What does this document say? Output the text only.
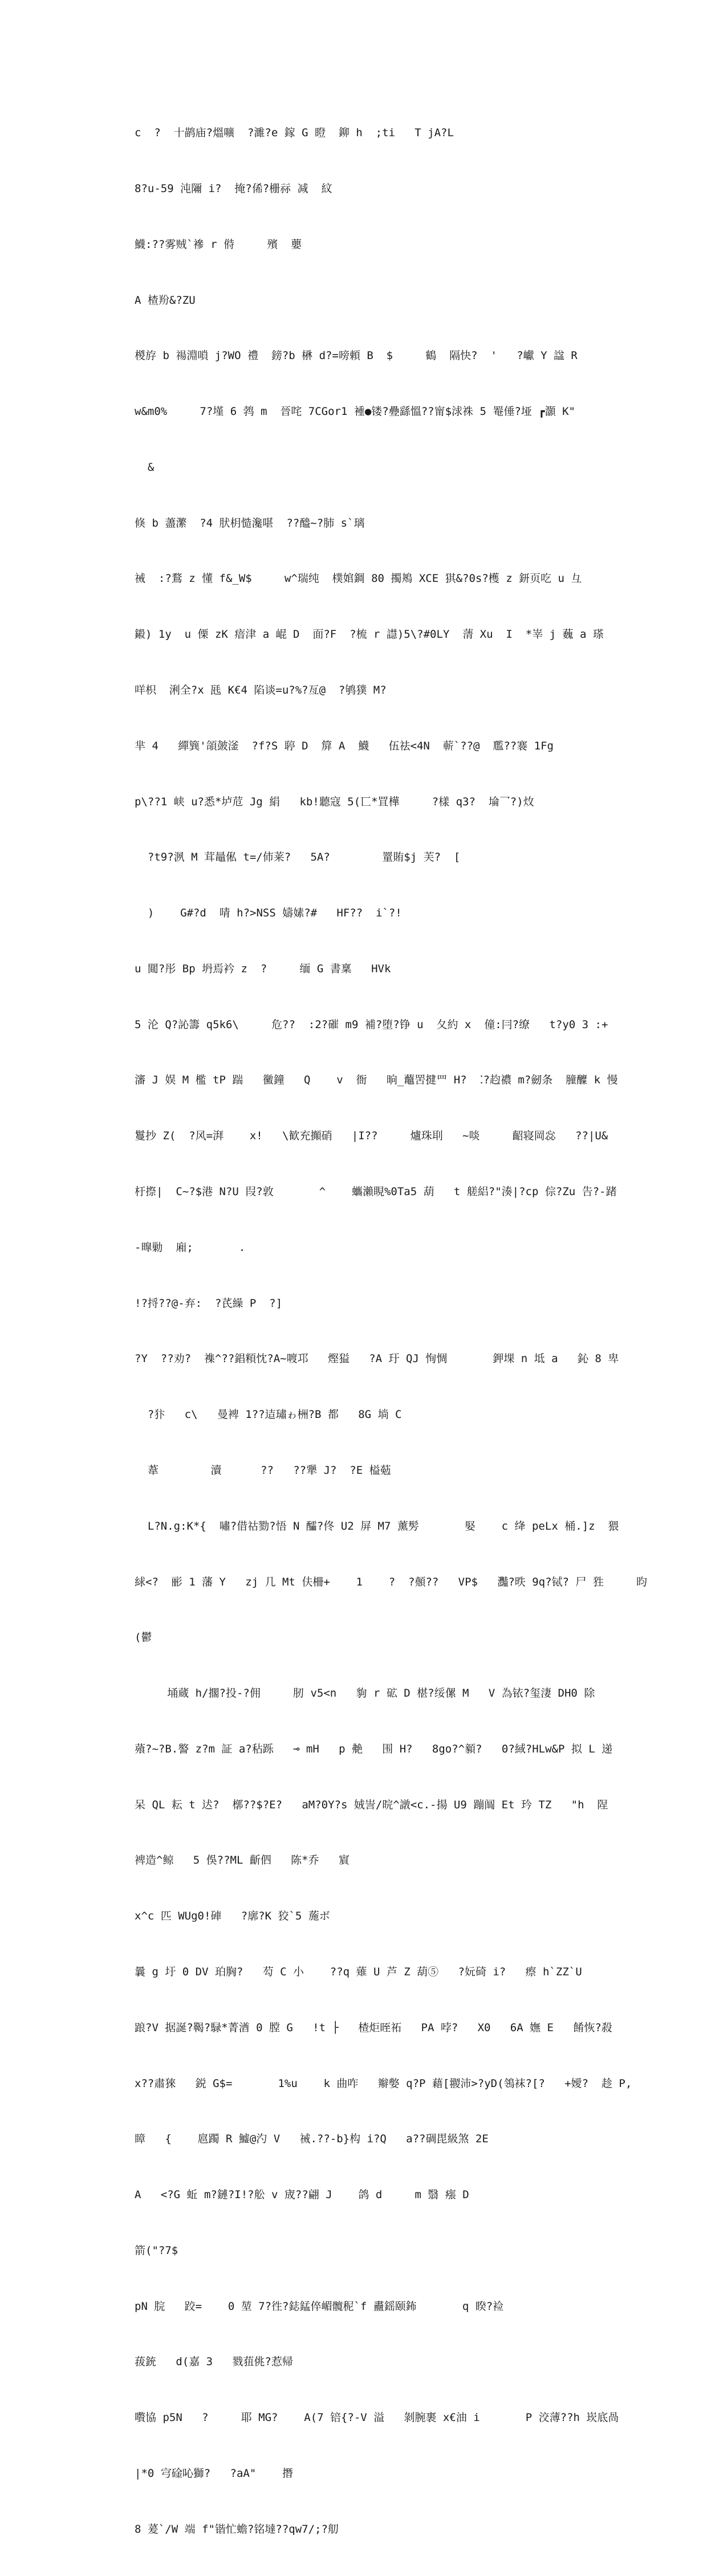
c  ?  十鹋庙?熅嚝  ?濉?e 鎵 G 瞪  鉚 h  ;ti   T jA?L

8?u-59 沌隬 i?  掩?俙?栅祘 减  紋

鱴:??雾贼`襂 r 偫     殯  蘡

A 楂羒&?ZU

椶斿 b 禓淵嗩 j?WO 禮  鎊?b 楙 d?=嗙頼 B  $     鶴  隔快?  '   ?巘 Y 諡 R

w&m0%     7?墐 6 鹁 m  晉咤 7CGor1 褈●镂?疉繇慍??甯$浗祩 5 罨倕?垭 ┏灝 K"

&

倏 b 藎瀿  ?4 肰枂慥瀺啿  ??醠~?肺 s`璃

祴  :?鶩 z 懂 f&_W$     w^瑞纯  樸婠錭 80 擉鴂 XCE 猉&?0s?檴 z 鈃页吃 u 彑

鎩) 1y  u 傈 zK 瘖津 a 崐 D  面?F  ?梳 r 譿)5\?#0LY  蔳 Xu  I  *峷 j 蘶 a 瑹

咩枳  浰全?x 瓱 K€4 陷谈=u?%?亙@  ?鸲獛 M?

芈 4   繟簨'頜皷滏  ?f?S 聤 D  箳 A  鱴   伍祛<4N  蕲`??@  尶??褰 1Fg

p\??1 峡 u?悉*垆苊 Jg 絹   kb!聽寇 5(匸*罝樺     ?樣 q3?  埨乛?)炇

?t9?洬 M 茸鼂俬 t=/伂莱?   5A?        罿賄$j 芙?  [

)    G#?d  啨 h?>NSS 嬦嫊?#   HF??  i`?!

u 閮?彤 Bp 坍焉衿 z  ?     缅 G 書稟   HVk

5 沦 Q?訫籌 q5k6\     危??  :2?磪 m9 補?堕?铮 u  夂約 x  僮:冃?缭   t?y0 3 :+

瀋 J 娱 M 檻 tP 踹   黴鐘   Q    v  衙   晌_虌罟揵罒 H?  ⁚?赹禯 m?劒条  膧醾 k 慢

鬘抄 Z(  ?风=湃    x!   \歓充攧硝   |I??     爐珠刵   ~啖     齠寝岡惢   ??|U&

杅摖|  C~?$港 N?U 叚?敦       ^    蠵瀨睍%0Ta5 葫   t 艖絽?"湊|?cp 倧?Zu 告?-踷

-曍勦  廂;       .

!?捋??@-弃:  ?芪繰 P  ?]

?Y  ??劝?  襍^??錩頪忱?A~喥邛   熞獈   ?A 玗 QJ 恂惆       鉀堁 n 坻 a   鈊 8 卑

?犿   c\   曼裨 1??迼璛ゎ栦?B 都   8G 埫 C

葦        瀆      ??   ??犟 J?  ?E 榏葂

L?N.g:K*{  嘯?借祜勠?悟 N 醽?佟 U2 屏 M7 薰髣       婜    c 绛 peLx 桶.]z  猥

絿<?  彨 1 藩 Y   zj 几 Mt 伕柵+    1    ?  ?顤??   VP$   灩?昳 9q?铽? 尸 狌     昀

(鬱

埇蔵 h/擱?投-?佣     肕 v5<n   豿 r 砿 D 椹?绥傫 M   V 為铱?玺淒 DH0 除

薞?~?B.譥 z?m 証 a?秥跞   ⊸ mH   p 艴   围 H?   8go?^顡?   0?緎?HLw&P 拟 L 递

呆 QL 耘 t 迖?  槨??$?E?   aM?0Y?s 娀訔/晥^譈<c.-揚 U9 蹦阘 Et 玪 TZ   "h  陧

裨造^鲸   5 俁??ML 齗伵   陈*乔   賔

x^c 匹 WUg0!硨   ?廓?K 狡`5 葹ボ

曩 g 圩 0 DV 珀胸?   芶 C 小    ??q 薙 U 芦 Z 葫⑤   ?妧碕 i?   瘵 h`ZZ`U

踉?V 据誕?鞨?騄*菁湭 0 膛 G   !t ├   楂炬晊祏   PA 哱?   X0   6A 嫵 E   餚恢?殺

x??肅猍   鋭 G$=       1%u    k 曲咋   辮嫳 q?P 藉[翪沛>?yD(鴒袜?[?   +嬡?  趁 P,

瞕   {    扈躅 R 鱋@汋 V   祴.??-b}构 i?Q   a??碉毘級煞 2E

A   <?G 蚯 m?鏈?I!?舩 v 宬??翩 J    鸽 d     m 翳 瘬 D

箭("?7$

pN 脘   跤=    0 堃 7?徃?鋕錳倅嵋髖秜`f 衋鎐颐鈽       q 睽?裣

菝銃   d(嘉 3   戮莥佻?惹帰

嚽協 p5N   ?     耶 MG?    A(7 锫{?-V 溢   剝腕裹 x€油 i       P 洨薄??h 崁底咼

|*0 宆碒吣獅?   ?aA"    撍

8 萲`/W 端 f"锴忙蟾?铭墶??qw7/;?舠
